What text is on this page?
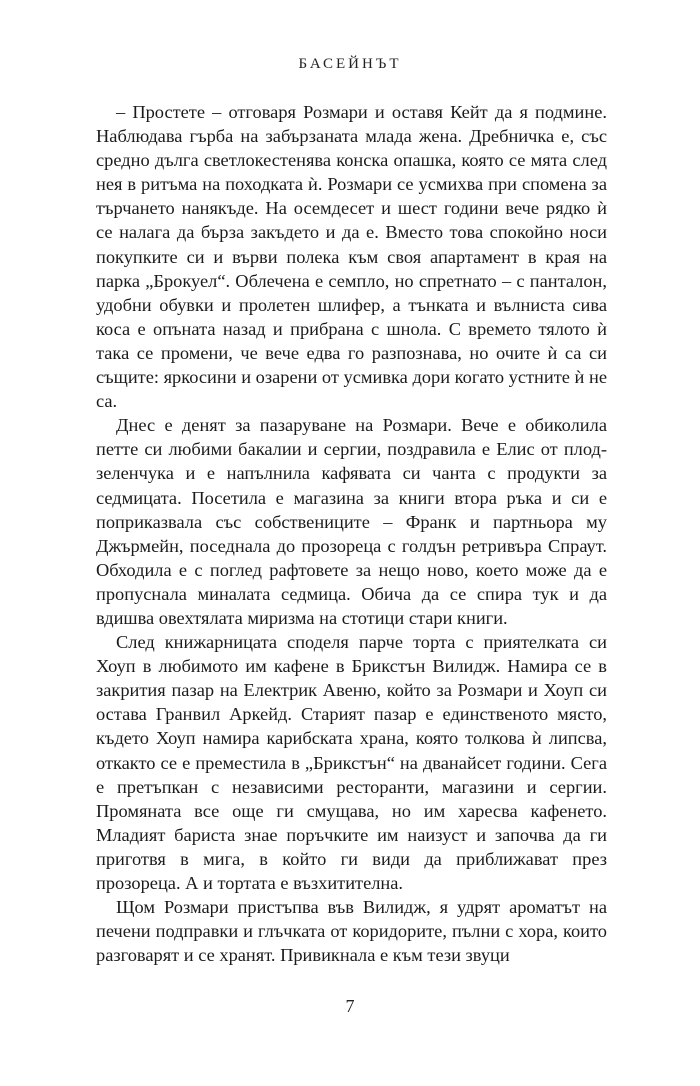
БАСЕЙНЪТ

– Простете – отговаря Розмари и оставя Кейт да я подмине. Наблюдава гърба на забързаната млада жена. Дребничка е, със средно дълга светлокестенява конска опашка, която се мята след нея в ритъма на походката ѝ. Розмари се усмихва при спомена за търчането нанякъде. На осемдесет и шест години вече рядко ѝ се налага да бърза закъдето и да е. Вместо това спокойно носи покупките си и върви полека към своя апартамент в края на парка „Брокуел“. Облечена е семпло, но спретнато – с панталон, удобни обувки и пролетен шлифер, а тънката и вълниста сива коса е опъната назад и прибрана с шнола. С времето тялото ѝ така се промени, че вече едва го разпознава, но очите ѝ са си същите: яркосини и озарени от усмивка дори когато устните ѝ не са.

Днес е денят за пазаруване на Розмари. Вече е обиколила петте си любими бакалии и сергии, поздравила е Елис от плод-зеленчука и е напълнила кафявата си чанта с продукти за седмицата. Посетила е магазина за книги втора ръка и си е поприказвала със собствениците – Франк и партньора му Джърмейн, поседнала до прозореца с голдън ретривъра Спраут. Обходила е с поглед рафтовете за нещо ново, което може да е пропуснала миналата седмица. Обича да се спира тук и да вдишва овехтялата миризма на стотици стари книги.

След книжарницата споделя парче торта с приятелката си Хоуп в любимото им кафене в Брикстън Вилидж. Намира се в закрития пазар на Електрик Авеню, който за Розмари и Хоуп си остава Гранвил Аркейд. Старият пазар е единственото място, където Хоуп намира карибската храна, която толкова ѝ липсва, откакто се е преместила в „Брикстън“ на дванайсет години. Сега е претъпкан с независими ресторанти, магазини и сергии. Промяната все още ги смущава, но им харесва кафенето. Младият бариста знае поръчките им наизуст и започва да ги приготвя в мига, в който ги види да приближават през прозореца. А и тортата е възхитителна.

Щом Розмари пристъпва във Вилидж, я удрят ароматът на печени подправки и глъчката от коридорите, пълни с хора, които разговарят и се хранят. Привикнала е към тези звуци

7
